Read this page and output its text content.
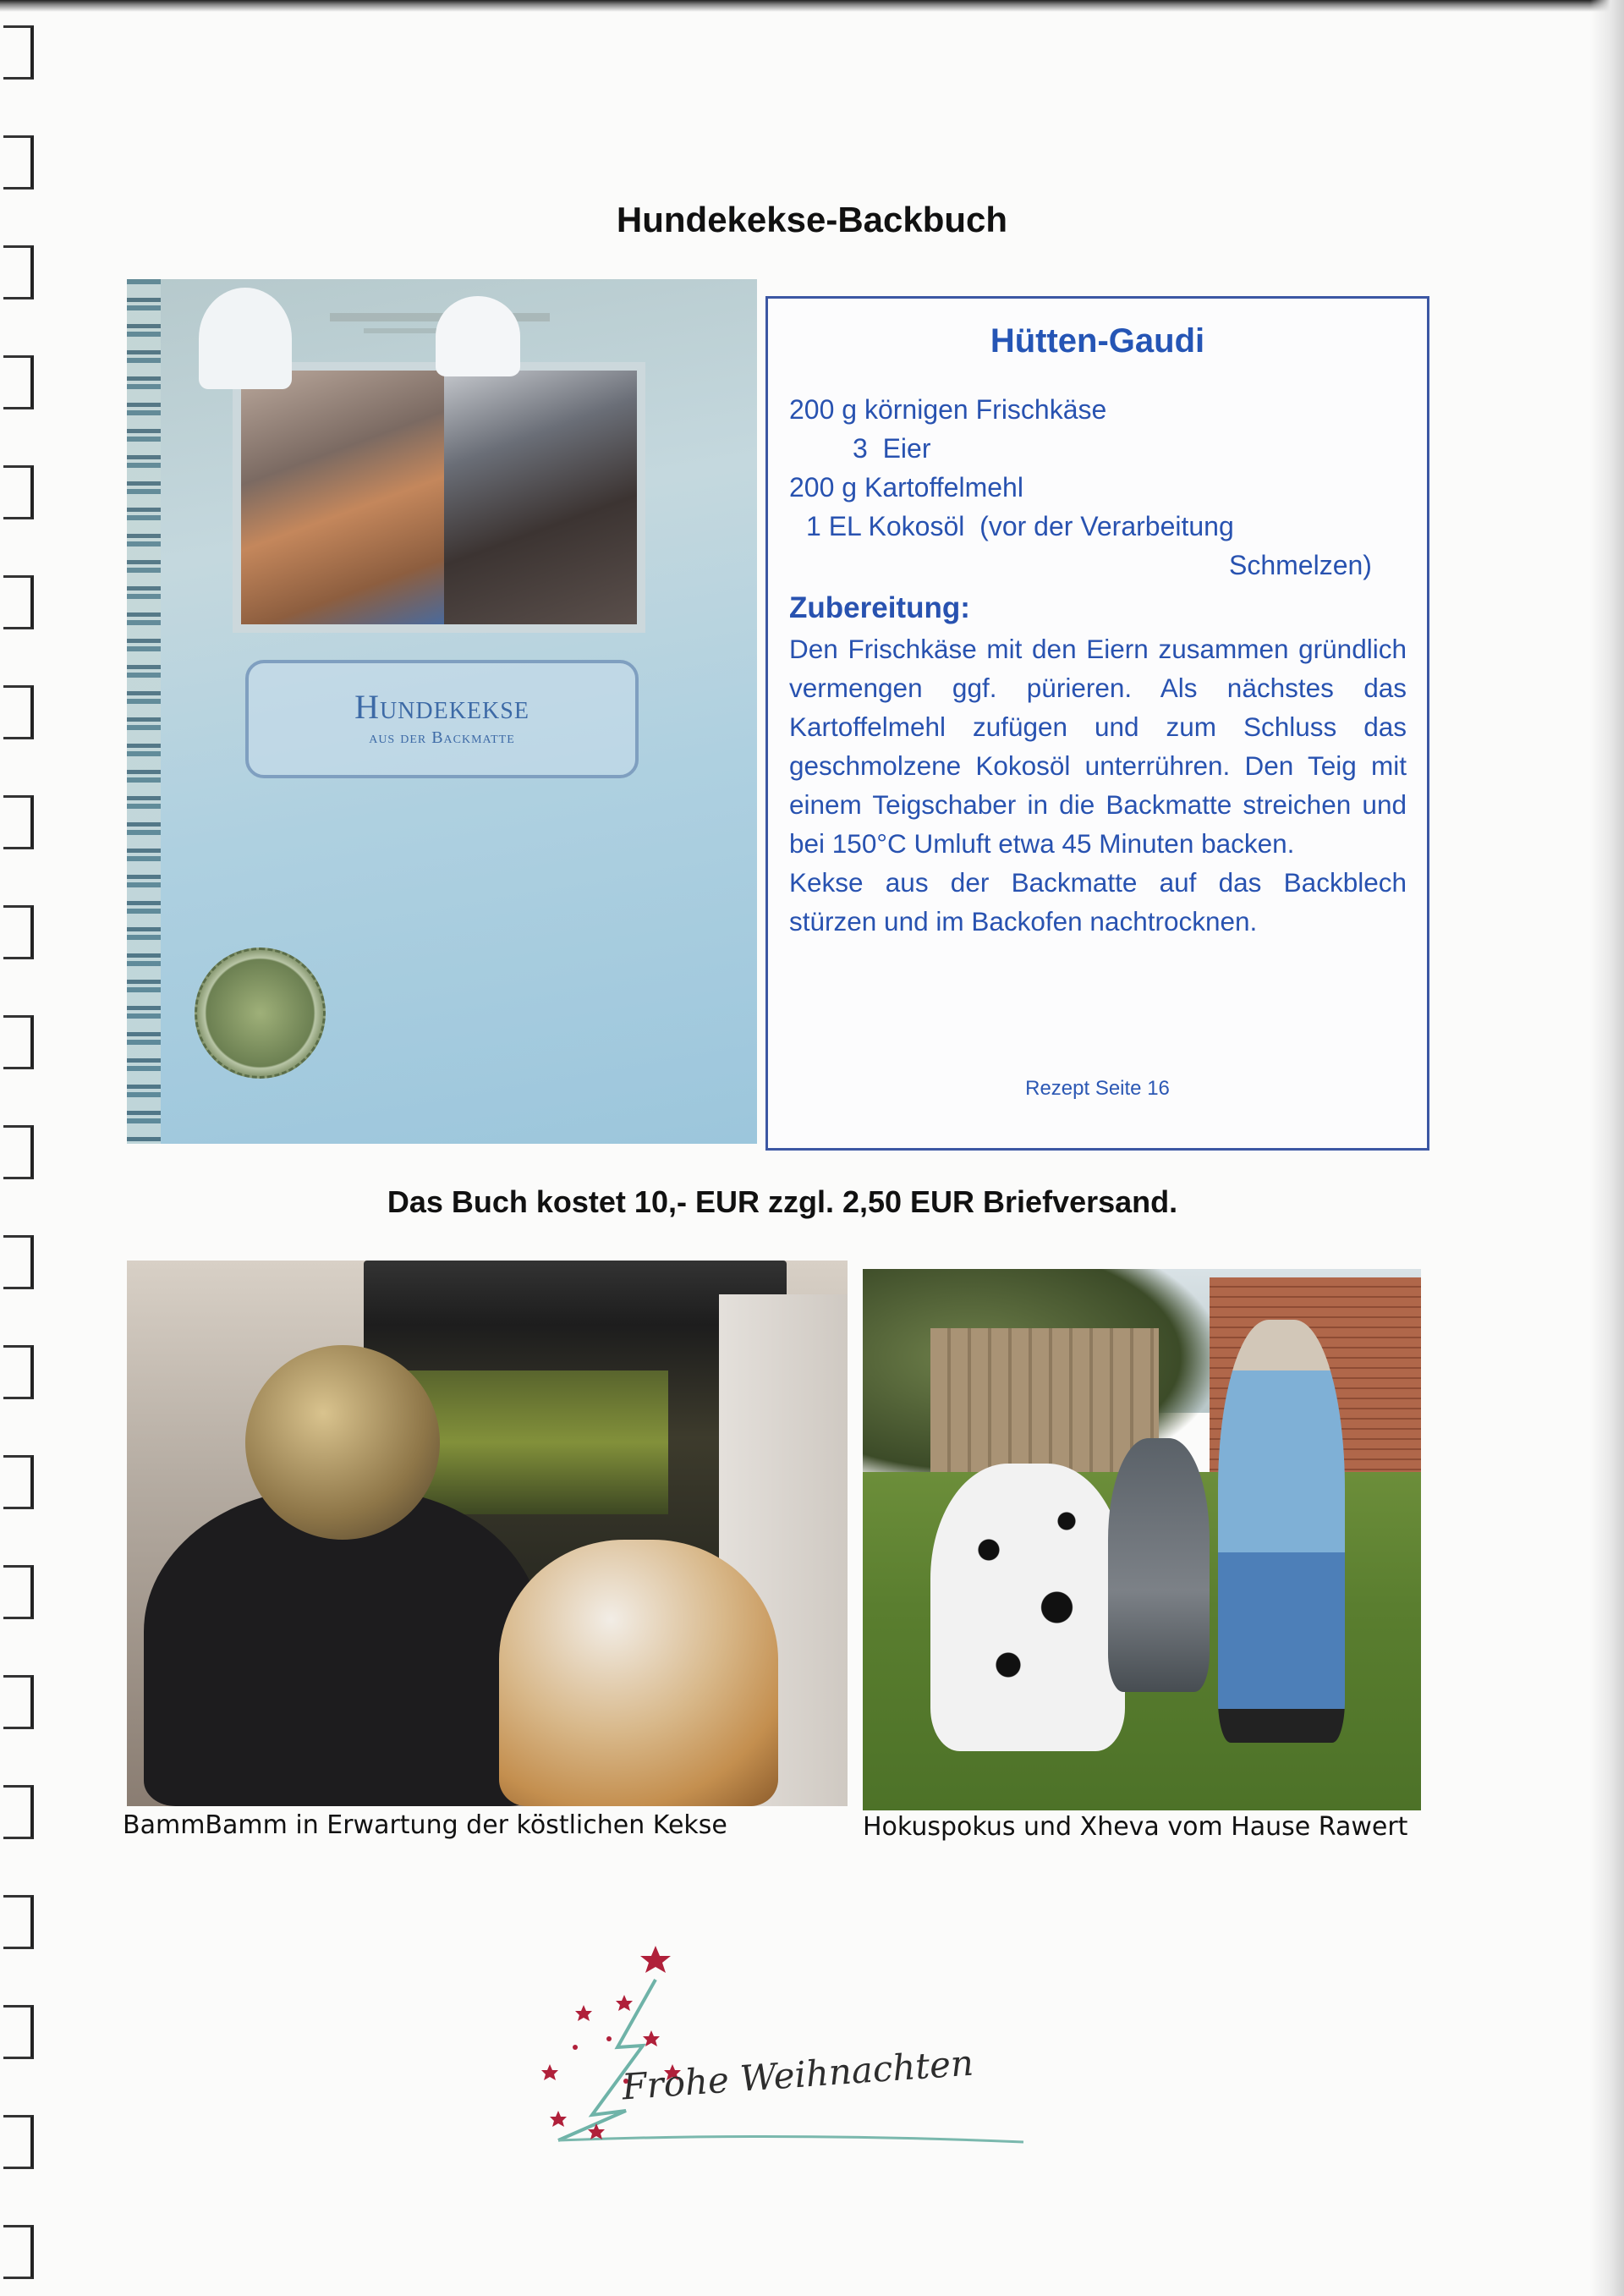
Hundekekse-Backbuch
Hundekekse
aus der Backmatte
Hütten-Gaudi
200 g körnigen Frischkäse
3  Eier
200 g Kartoffelmehl
1 EL Kokosöl  (vor der Verarbeitung
Schmelzen)
Zubereitung:

Den Frischkäse mit den Eiern zusammen gründlich vermengen ggf. pürieren. Als nächstes das Kartoffelmehl zufügen und zum Schluss das geschmolzene Kokosöl unterrühren. Den Teig mit einem Teigschaber in die Backmatte streichen und bei 150°C Umluft etwa 45 Minuten backen.

Kekse aus der Backmatte auf das Backblech stürzen und im Backofen nachtrocknen.

Rezept Seite 16
Das Buch kostet 10,- EUR zzgl. 2,50 EUR Briefversand.
BammBamm in Erwartung der köstlichen Kekse	Hokuspokus und Xheva vom Hause Rawert
Frohe Weihnachten
